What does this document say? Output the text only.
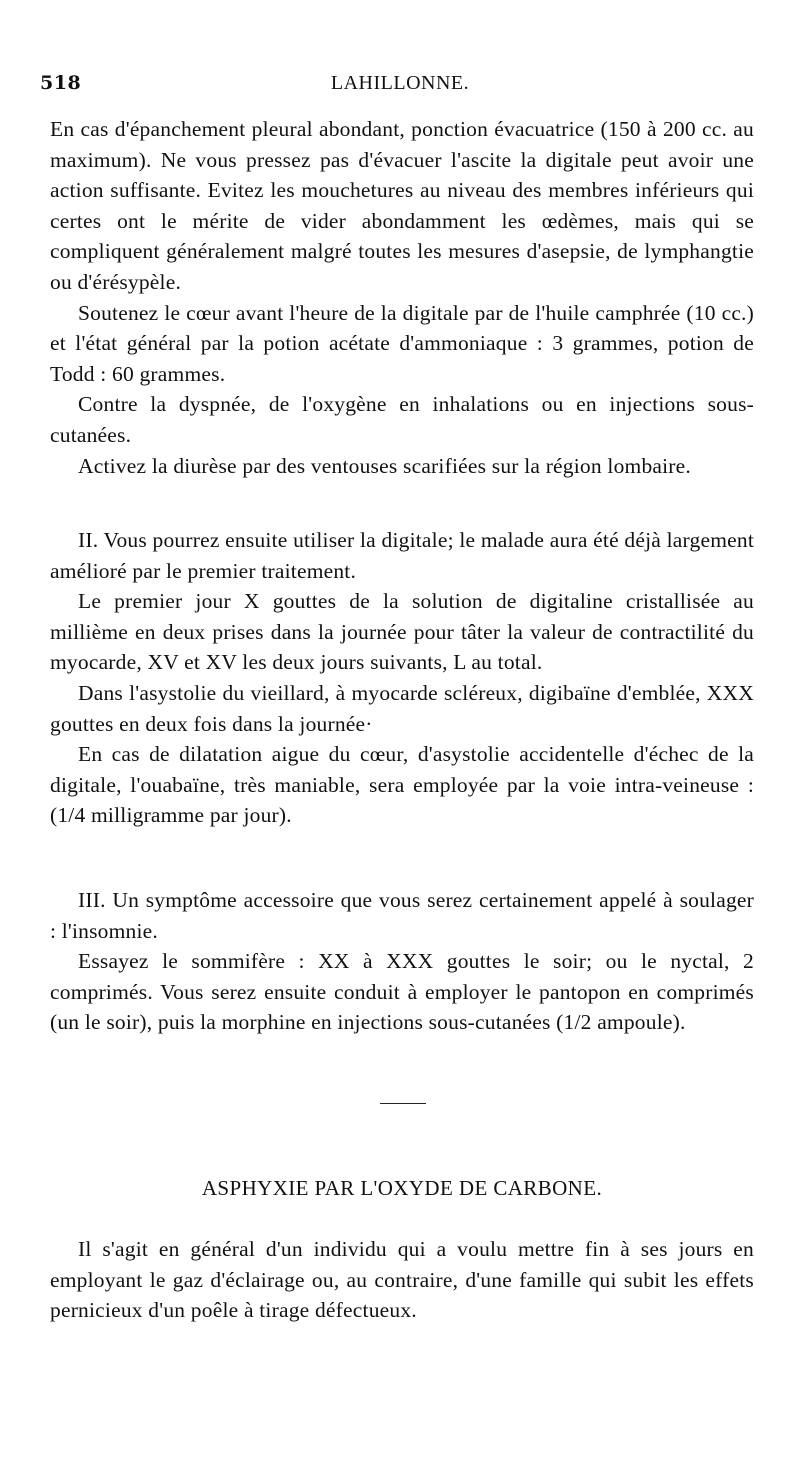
518	LAHILLONNE.

En cas d'épanchement pleural abondant, ponction évacuatrice (150 à 200 cc. au maximum). Ne vous pressez pas d'évacuer l'ascite la digitale peut avoir une action suffisante. Evitez les mouchetures au niveau des membres inférieurs qui certes ont le mérite de vider abondamment les œdèmes, mais qui se compliquent généralement malgré toutes les mesures d'asepsie, de lymphangtie ou d'érésypèle.

Soutenez le cœur avant l'heure de la digitale par de l'huile camphrée (10 cc.) et l'état général par la potion acétate d'ammoniaque : 3 grammes, potion de Todd : 60 grammes.

Contre la dyspnée, de l'oxygène en inhalations ou en injections sous-cutanées.

Activez la diurèse par des ventouses scarifiées sur la région lombaire.

II. Vous pourrez ensuite utiliser la digitale; le malade aura été déjà largement amélioré par le premier traitement.

Le premier jour X gouttes de la solution de digitaline cristallisée au millième en deux prises dans la journée pour tâter la valeur de contractilité du myocarde, XV et XV les deux jours suivants, L au total.

Dans l'asystolie du vieillard, à myocarde scléreux, digibaïne d'emblée, XXX gouttes en deux fois dans la journée·

En cas de dilatation aigue du cœur, d'asystolie accidentelle d'échec de la digitale, l'ouabaïne, très maniable, sera employée par la voie intra-veineuse : (1/4 milligramme par jour).

III. Un symptôme accessoire que vous serez certainement appelé à soulager : l'insomnie.

Essayez le sommifère : XX à XXX gouttes le soir; ou le nyctal, 2 comprimés. Vous serez ensuite conduit à employer le pantopon en comprimés (un le soir), puis la morphine en injections sous-cutanées (1/2 ampoule).

ASPHYXIE PAR L'OXYDE DE CARBONE.

Il s'agit en général d'un individu qui a voulu mettre fin à ses jours en employant le gaz d'éclairage ou, au contraire, d'une famille qui subit les effets pernicieux d'un poêle à tirage défectueux.
